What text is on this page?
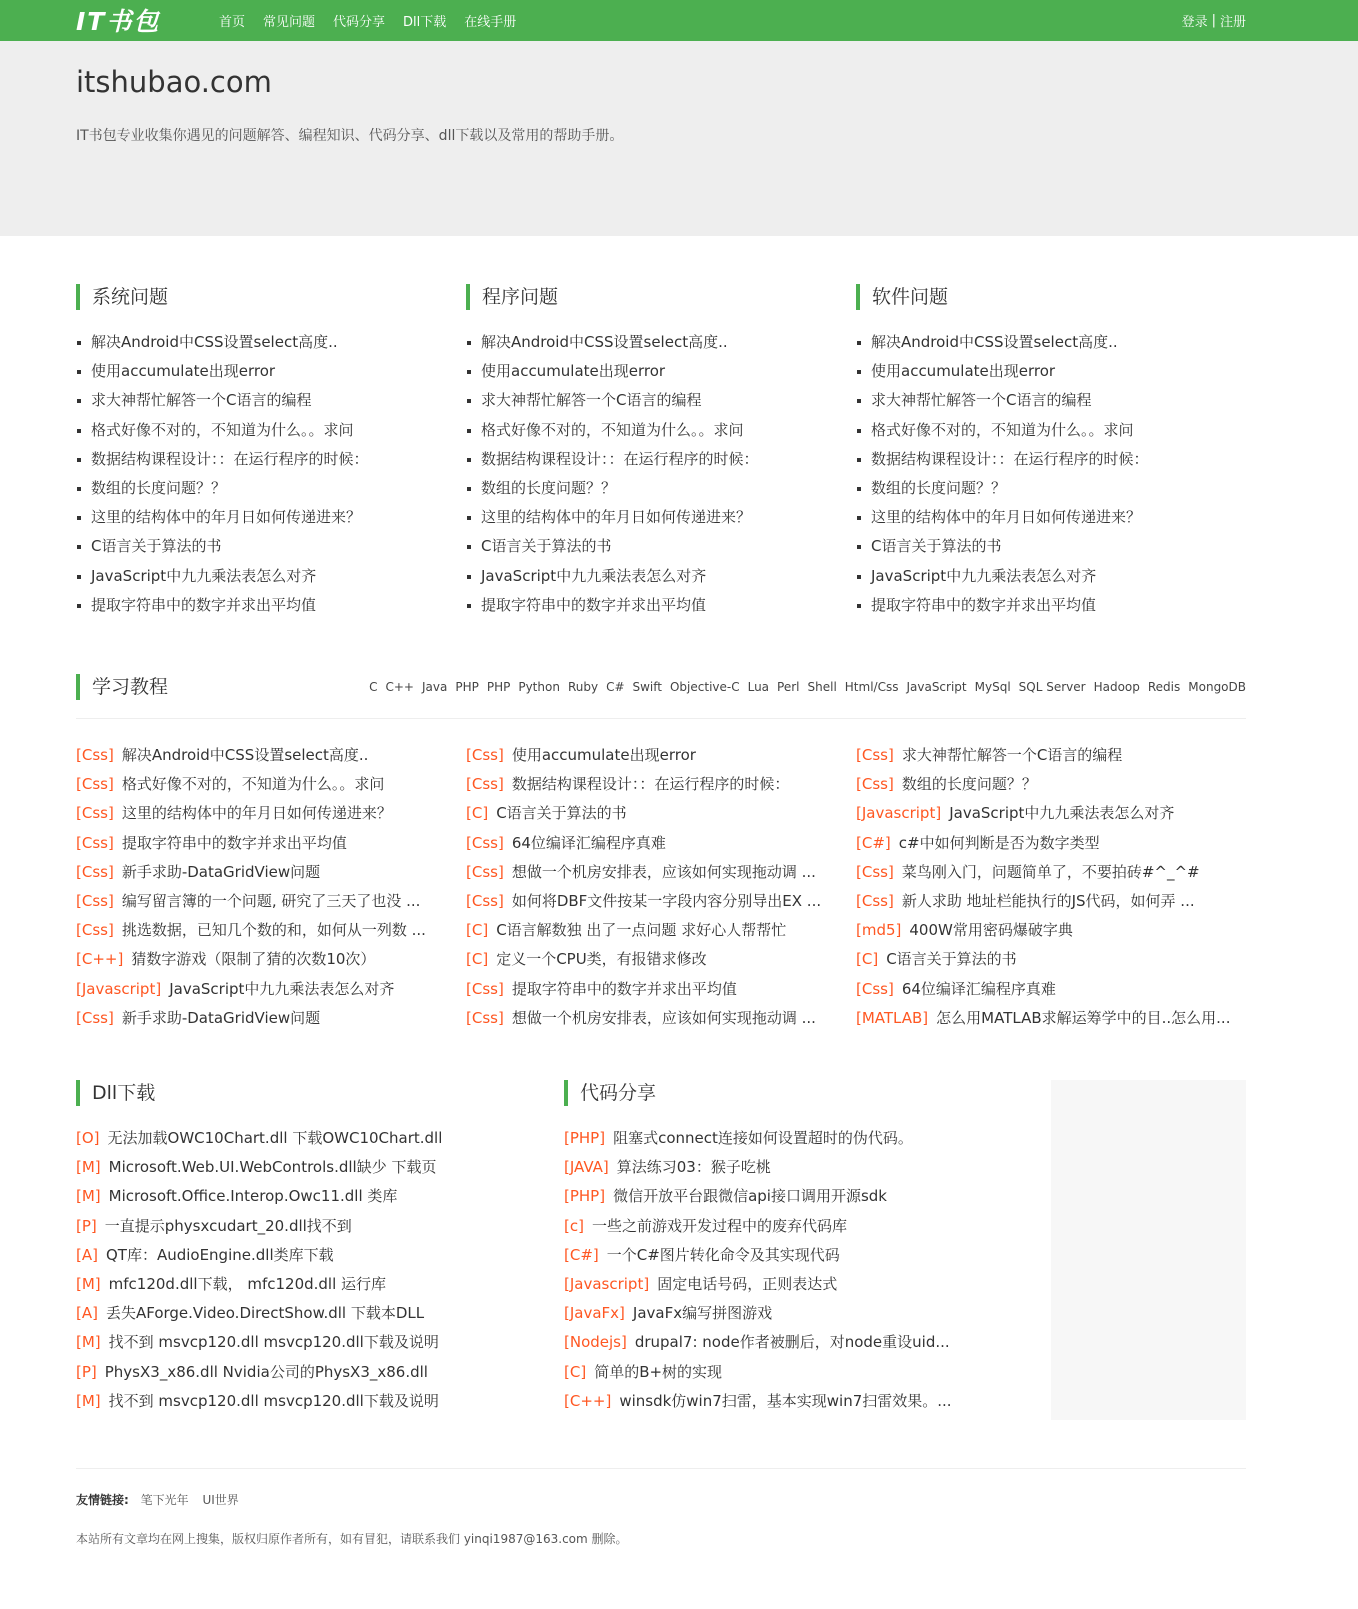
IT书包	首页 常见问题 代码分享 Dll下载 在线手册	登录 | 注册
itshubao.com

IT书包专业收集你遇见的问题解答、编程知识、代码分享、dll下载以及常用的帮助手册。

系统问题
解决Android中CSS设置select高度..
使用accumulate出现error
求大神帮忙解答一个C语言的编程
格式好像不对的，不知道为什么。。求问
数据结构课程设计：：在运行程序的时候：
数组的长度问题？？
这里的结构体中的年月日如何传递进来？
C语言关于算法的书
JavaScript中九九乘法表怎么对齐
提取字符串中的数字并求出平均值
程序问题
解决Android中CSS设置select高度..
使用accumulate出现error
求大神帮忙解答一个C语言的编程
格式好像不对的，不知道为什么。。求问
数据结构课程设计：：在运行程序的时候：
数组的长度问题？？
这里的结构体中的年月日如何传递进来？
C语言关于算法的书
JavaScript中九九乘法表怎么对齐
提取字符串中的数字并求出平均值
软件问题
解决Android中CSS设置select高度..
使用accumulate出现error
求大神帮忙解答一个C语言的编程
格式好像不对的，不知道为什么。。求问
数据结构课程设计：：在运行程序的时候：
数组的长度问题？？
这里的结构体中的年月日如何传递进来？
C语言关于算法的书
JavaScript中九九乘法表怎么对齐
提取字符串中的数字并求出平均值
学习教程	C C++ Java PHP PHP Python Ruby C# Swift Objective-C Lua Perl Shell Html/Css JavaScript MySql SQL Server Hadoop Redis MongoDB
[Css] 解决Android中CSS设置select高度..	[Css] 使用accumulate出现error	[Css] 求大神帮忙解答一个C语言的编程
[Css] 格式好像不对的，不知道为什么。。求问	[Css] 数据结构课程设计：：在运行程序的时候：	[Css] 数组的长度问题？？
[Css] 这里的结构体中的年月日如何传递进来？	[C] C语言关于算法的书	[Javascript] JavaScript中九九乘法表怎么对齐
[Css] 提取字符串中的数字并求出平均值	[Css] 64位编译汇编程序真难	[C#] c#中如何判断是否为数字类型
[Css] 新手求助-DataGridView问题	[Css] 想做一个机房安排表，应该如何实现拖动调 ...	[Css] 菜鸟刚入门，问题简单了，不要拍砖#^_^#
[Css] 编写留言簿的一个问题, 研究了三天了也没 ...	[Css] 如何将DBF文件按某一字段内容分别导出EX ...	[Css] 新人求助 地址栏能执行的JS代码，如何弄 ...
[Css] 挑选数据，已知几个数的和，如何从一列数 ...	[C] C语言解数独 出了一点问题 求好心人帮帮忙	[md5] 400W常用密码爆破字典
[C++] 猜数字游戏（限制了猜的次数10次）	[C] 定义一个CPU类，有报错求修改	[C] C语言关于算法的书
[Javascript] JavaScript中九九乘法表怎么对齐	[Css] 提取字符串中的数字并求出平均值	[Css] 64位编译汇编程序真难
[Css] 新手求助-DataGridView问题	[Css] 想做一个机房安排表，应该如何实现拖动调 ...	[MATLAB] 怎么用MATLAB求解运筹学中的目..怎么用...
Dll下载
[O] 无法加载OWC10Chart.dll 下载OWC10Chart.dll
[M] Microsoft.Web.UI.WebControls.dll缺少 下载页
[M] Microsoft.Office.Interop.Owc11.dll 类库
[P] 一直提示physxcudart_20.dll找不到
[A] QT库：AudioEngine.dll类库下载
[M] mfc120d.dll下载， mfc120d.dll 运行库
[A] 丢失AForge.Video.DirectShow.dll 下载本DLL
[M] 找不到 msvcp120.dll msvcp120.dll下载及说明
[P] PhysX3_x86.dll Nvidia公司的PhysX3_x86.dll
[M] 找不到 msvcp120.dll msvcp120.dll下载及说明
代码分享
[PHP] 阻塞式connect连接如何设置超时的伪代码。
[JAVA] 算法练习03：猴子吃桃
[PHP] 微信开放平台跟微信api接口调用开源sdk
[c] 一些之前游戏开发过程中的废弃代码库
[C#] 一个C#图片转化命令及其实现代码
[Javascript] 固定电话号码，正则表达式
[JavaFx] JavaFx编写拼图游戏
[Nodejs] drupal7: node作者被删后，对node重设uid...
[C] 简单的B+树的实现
[C++] winsdk仿win7扫雷，基本实现win7扫雷效果。...
友情链接: 笔下光年 UI世界
本站所有文章均在网上搜集，版权归原作者所有，如有冒犯，请联系我们 yinqi1987@163.com 删除。
